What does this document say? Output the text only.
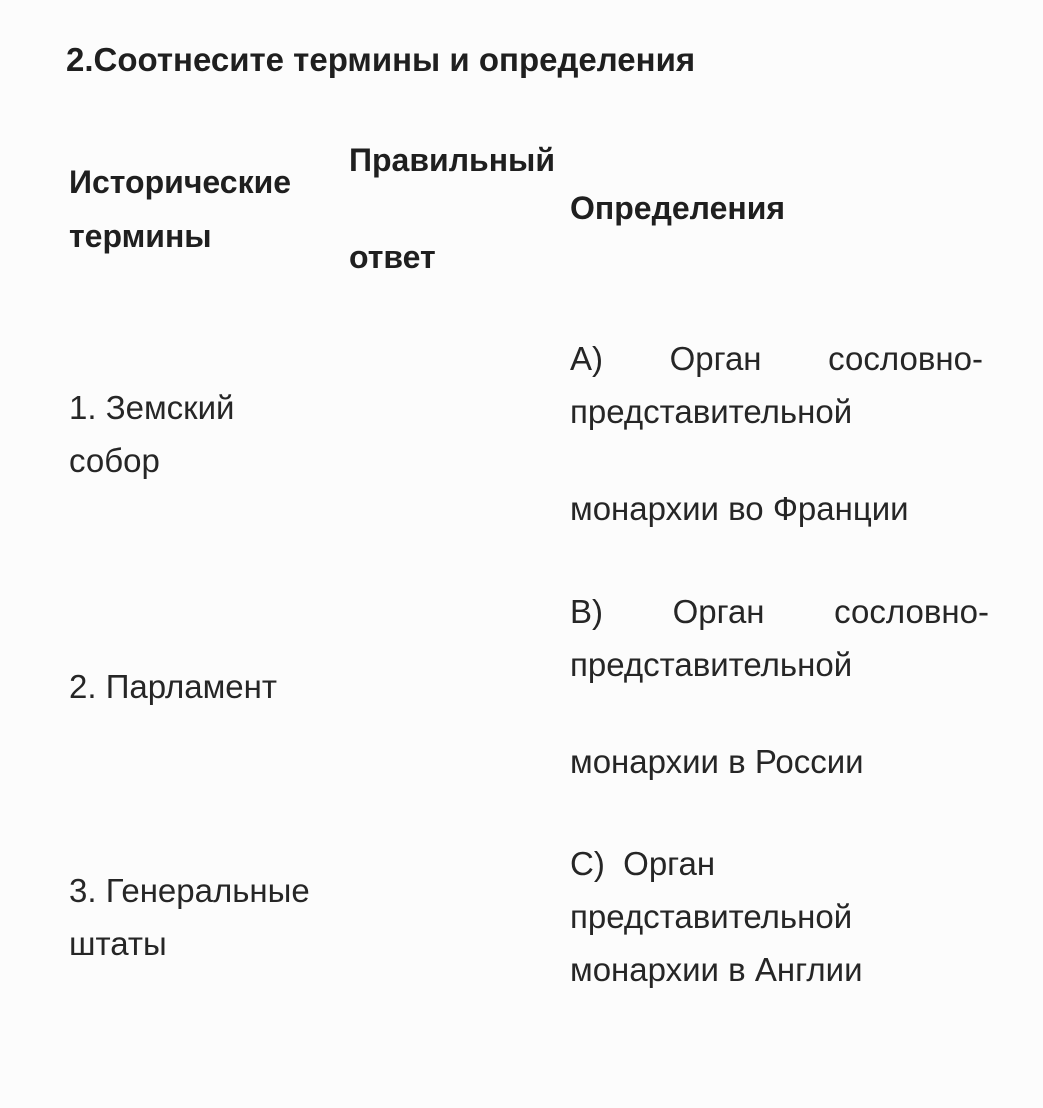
2.Соотнесите термины и определения
Исторические
термины
Правильный
ответ
Определения
1. Земский
собор
2. Парламент
3. Генеральные
штаты
А) Орган сословно-
представительной
монархии во Франции
В) Орган сословно-
представительной
монархии в России
С)  Орган
представительной
монархии в Англии
